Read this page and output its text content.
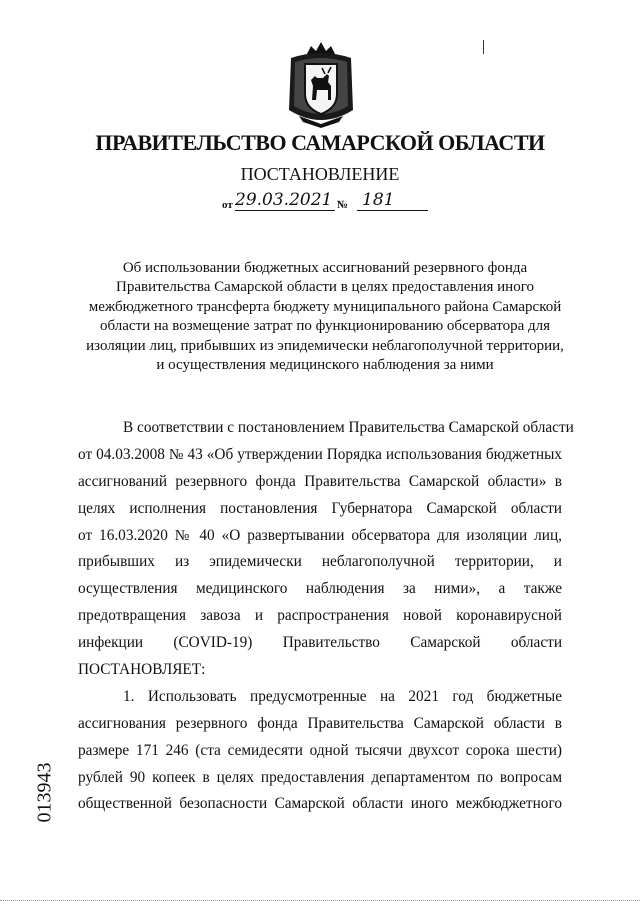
ПРАВИТЕЛЬСТВО САМАРСКОЙ ОБЛАСТИ
ПОСТАНОВЛЕНИЕ
от 29.03.2021 № 181
Об использовании бюджетных ассигнований резервного фонда
Правительства Самарской области в целях предоставления иного
межбюджетного трансферта бюджету муниципального района Самарской
области на возмещение затрат по функционированию обсерватора для
изоляции лиц, прибывших из эпидемически неблагополучной территории,
и осуществления медицинского наблюдения за ними
В соответствии с постановлением Правительства Самарской области
от 04.03.2008 № 43 «Об утверждении Порядка использования бюджетных
ассигнований резервного фонда Правительства Самарской области» в
целях исполнения постановления Губернатора Самарской области
от 16.03.2020 № 40 «О развертывании обсерватора для изоляции лиц,
прибывших из эпидемически неблагополучной территории, и
осуществления медицинского наблюдения за ними», а также
предотвращения завоза и распространения новой коронавирусной
инфекции (COVID-19) Правительство Самарской области
ПОСТАНОВЛЯЕТ:
1. Использовать предусмотренные на 2021 год бюджетные
ассигнования резервного фонда Правительства Самарской области в
размере 171 246 (ста семидесяти одной тысячи двухсот сорока шести)
рублей 90 копеек в целях предоставления департаментом по вопросам
общественной безопасности Самарской области иного межбюджетного
013943
